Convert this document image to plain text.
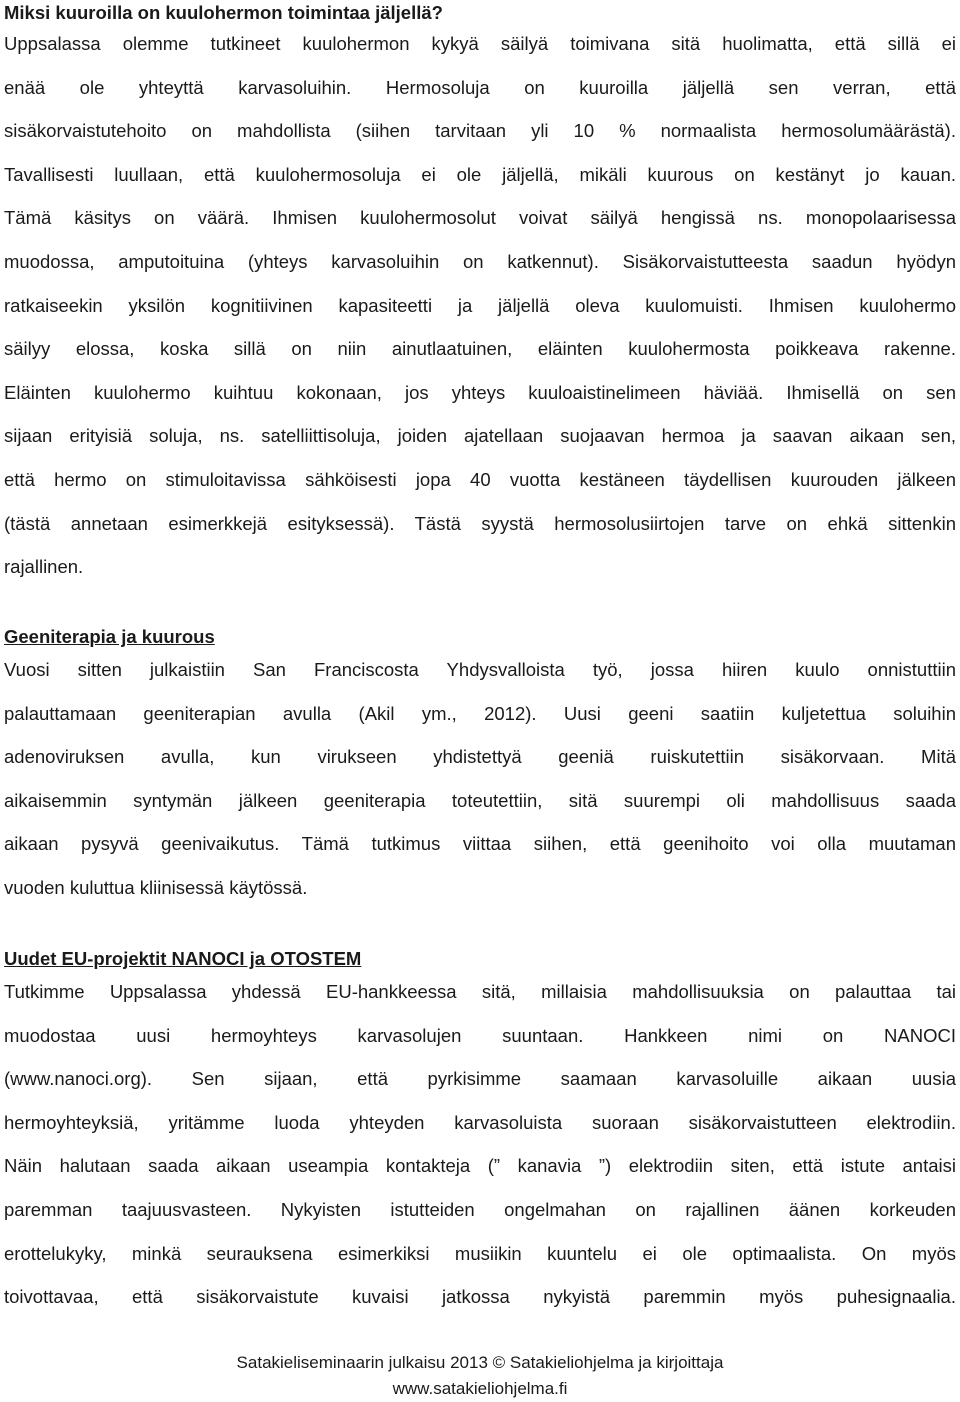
Miksi kuuroilla on kuulohermon toimintaa jäljellä?
Uppsalassa olemme tutkineet kuulohermon kykyä säilyä toimivana sitä huolimatta, että sillä ei
enää ole yhteyttä karvasoluihin. Hermosoluja on kuuroilla jäljellä sen verran, että
sisäkorvaistutehoito on mahdollista (siihen tarvitaan yli 10 % normaalista hermosolumäärästä).
Tavallisesti luullaan, että kuulohermosoluja ei ole jäljellä, mikäli kuurous on kestänyt jo kauan.
Tämä käsitys on väärä. Ihmisen kuulohermosolut voivat säilyä hengissä ns. monopolaarisessa
muodossa, amputoituina (yhteys karvasoluihin on katkennut). Sisäkorvaistutteesta saadun hyödyn
ratkaiseekin yksilön kognitiivinen kapasiteetti ja jäljellä oleva kuulomuisti. Ihmisen kuulohermo
säilyy elossa, koska sillä on niin ainutlaatuinen, eläinten kuulohermosta poikkeava rakenne.
Eläinten kuulohermo kuihtuu kokonaan, jos yhteys kuuloaistinelimeen häviää. Ihmisellä on sen
sijaan erityisiä soluja, ns. satelliittisoluja, joiden ajatellaan suojaavan hermoa ja saavan aikaan sen,
että hermo on stimuloitavissa sähköisesti jopa 40 vuotta kestäneen täydellisen kuurouden jälkeen
(tästä annetaan esimerkkejä esityksessä). Tästä syystä hermosolusiirtojen tarve on ehkä sittenkin
rajallinen.
Geeniterapia ja kuurous
Vuosi sitten julkaistiin San Franciscosta Yhdysvalloista työ, jossa hiiren kuulo onnistuttiin
palauttamaan geeniterapian avulla (Akil ym., 2012). Uusi geeni saatiin kuljetettua soluihin
adenoviruksen avulla, kun virukseen yhdistettyä geeniä ruiskutettiin sisäkorvaan. Mitä
aikaisemmin syntymän jälkeen geeniterapia toteutettiin, sitä suurempi oli mahdollisuus saada
aikaan pysyvä geenivaikutus. Tämä tutkimus viittaa siihen, että geenihoito voi olla muutaman
vuoden kuluttua kliinisessä käytössä.
Uudet EU-projektit NANOCI ja OTOSTEM
Tutkimme Uppsalassa yhdessä EU-hankkeessa sitä, millaisia mahdollisuuksia on palauttaa tai
muodostaa uusi hermoyhteys karvasolujen suuntaan. Hankkeen nimi on NANOCI
(www.nanoci.org). Sen sijaan, että pyrkisimme saamaan karvasoluille aikaan uusia
hermoyhteyksiä, yritämme luoda yhteyden karvasoluista suoraan sisäkorvaistutteen elektrodiin.
Näin halutaan saada aikaan useampia kontakteja (” kanavia ”) elektrodiin siten, että istute antaisi
paremman taajuusvasteen. Nykyisten istutteiden ongelmahan on rajallinen äänen korkeuden
erottelukyky, minkä seurauksena esimerkiksi musiikin kuuntelu ei ole optimaalista. On myös
toivottavaa, että sisäkorvaistute kuvaisi jatkossa nykyistä paremmin myös puhesignaalia.
Satakieliseminaarin julkaisu 2013 © Satakieliohjelma ja kirjoittaja
www.satakieliohjelma.fi
